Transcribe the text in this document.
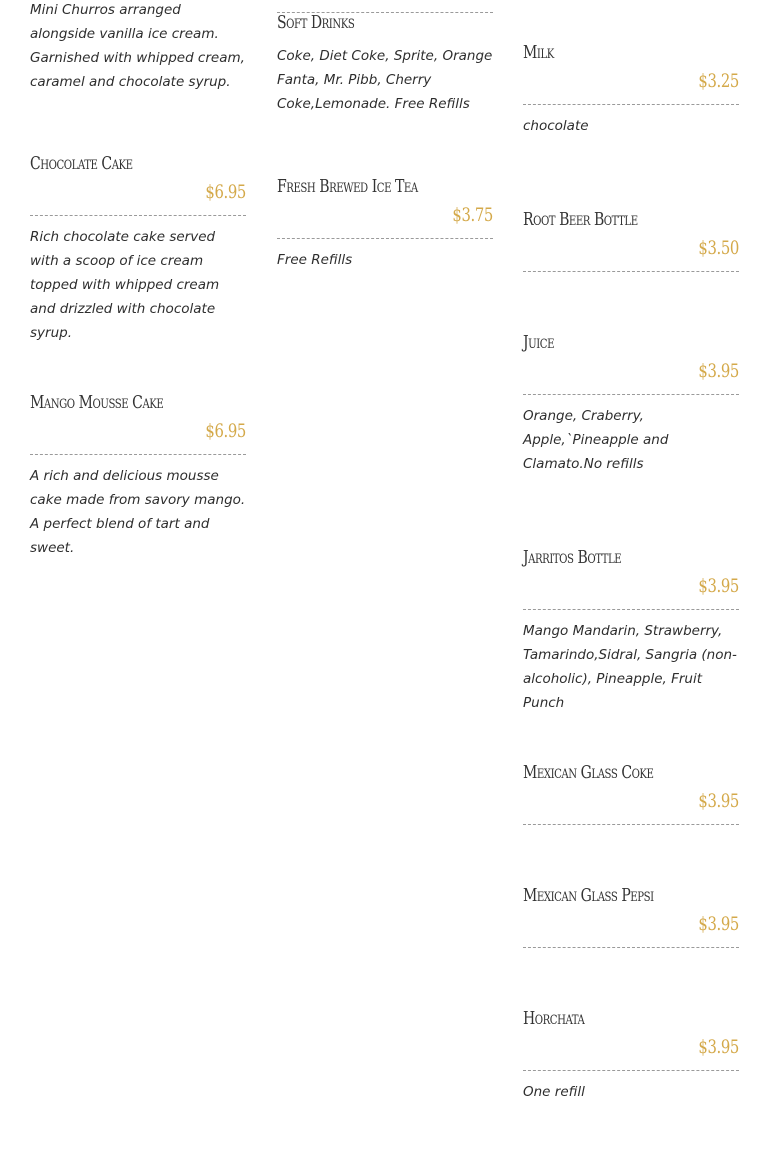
Mini Churros arranged alongside vanilla ice cream. Garnished with whipped cream, caramel and chocolate syrup.
Chocolate Cake
$6.95
Rich chocolate cake served with a scoop of ice cream topped with whipped cream and drizzled with chocolate syrup.
Mango Mousse Cake
$6.95
A rich and delicious mousse cake made from savory mango. A perfect blend of tart and sweet.
Soft Drinks
Coke, Diet Coke, Sprite, Orange Fanta, Mr. Pibb, Cherry Coke,Lemonade. Free Refills
Fresh Brewed Ice Tea
$3.75
Free Refills
Milk
$3.25
chocolate
Root Beer Bottle
$3.50
Juice
$3.95
Orange, Craberry, Apple,`Pineapple and Clamato.No refills
Jarritos Bottle
$3.95
Mango Mandarin, Strawberry, Tamarindo,Sidral, Sangria (non-alcoholic), Pineapple, Fruit Punch
Mexican Glass Coke
$3.95
Mexican Glass Pepsi
$3.95
Horchata
$3.95
One refill
